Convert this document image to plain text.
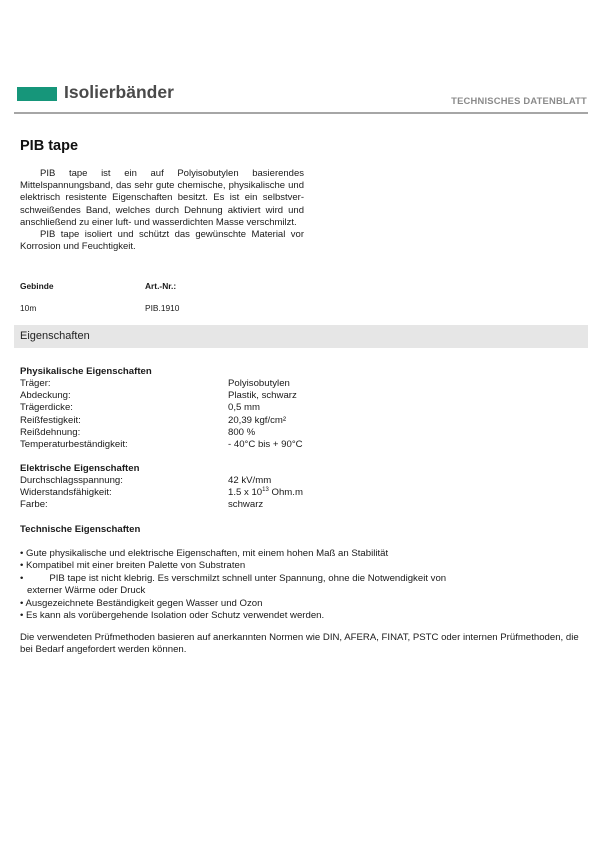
Isolierbänder	TECHNISCHES DATENBLATT
PIB tape

PIB tape ist ein auf Polyisobutylen basierendes Mittelspannungsband, das sehr gute chemische, physikalische und elektrisch resistente Eigenschaften besitzt. Es ist ein selbstver-schweißendes Band, welches durch Dehnung aktiviert wird und anschließend zu einer luft- und wasserdichten Masse verschmilzt.

PIB tape isoliert und schützt das gewünschte Material vor Korrosion und Feuchtigkeit.

Gebinde	Art.-Nr.:
10m	PIB.1910
Eigenschaften
Physikalische Eigenschaften
Träger:	Polyisobutylen
Abdeckung:	Plastik, schwarz
Trägerdicke:	0,5 mm
Reißfestigkeit:	20,39 kgf/cm²
Reißdehnung:	800 %
Temperaturbeständigkeit:	- 40°C bis + 90°C
Elektrische Eigenschaften
Durchschlagsspannung:	42 kV/mm
Widerstandsfähigkeit:	1.5 x $10^{13}$ Ohm.m
Farbe:	schwarz
Technische Eigenschaften
• Gute physikalische und elektrische Eigenschaften, mit einem hohen Maß an Stabilität
• Kompatibel mit einer breiten Palette von Substraten
•	PIB tape ist nicht klebrig. Es verschmilzt schnell unter Spannung, ohne die Notwendigkeit von
externer Wärme oder Druck
• Ausgezeichnete Beständigkeit gegen Wasser und Ozon
• Es kann als vorübergehende Isolation oder Schutz verwendet werden.
Die verwendeten Prüfmethoden basieren auf anerkannten Normen wie DIN, AFERA, FINAT, PSTC oder internen Prüfmethoden, die bei Bedarf angefordert werden können.
